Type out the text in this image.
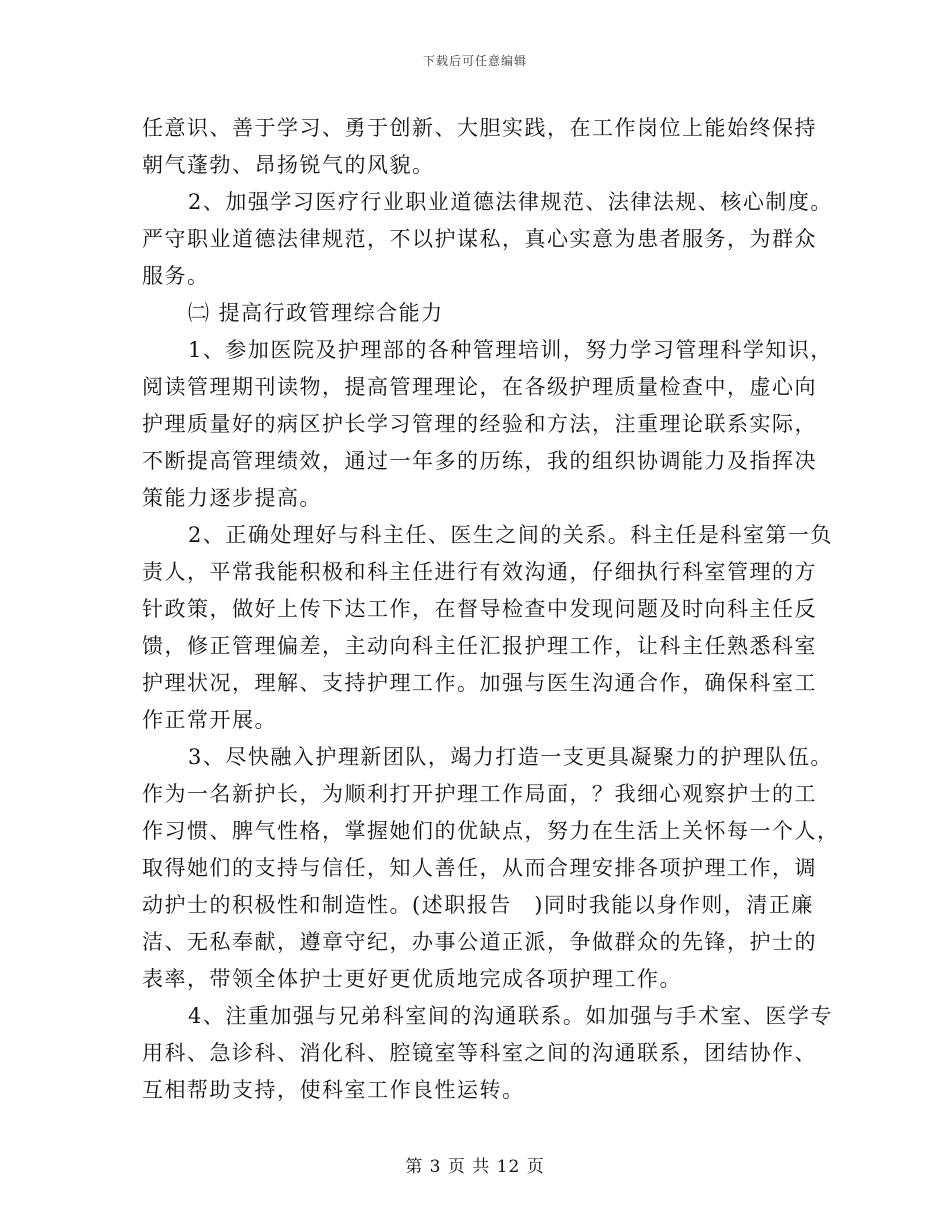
下载后可任意编辑
任意识、善于学习、勇于创新、大胆实践，在工作岗位上能始终保持
朝气蓬勃、昂扬锐气的风貌。
2、加强学习医疗行业职业道德法律规范、法律法规、核心制度。
严守职业道德法律规范，不以护谋私，真心实意为患者服务，为群众
服务。
㈡ 提高行政管理综合能力
1、参加医院及护理部的各种管理培训，努力学习管理科学知识，
阅读管理期刊读物，提高管理理论，在各级护理质量检查中，虚心向
护理质量好的病区护长学习管理的经验和方法，注重理论联系实际，
不断提高管理绩效，通过一年多的历练，我的组织协调能力及指挥决
策能力逐步提高。
2、正确处理好与科主任、医生之间的关系。科主任是科室第一负
责人，平常我能积极和科主任进行有效沟通，仔细执行科室管理的方
针政策，做好上传下达工作，在督导检查中发现问题及时向科主任反
馈，修正管理偏差，主动向科主任汇报护理工作，让科主任熟悉科室
护理状况，理解、支持护理工作。加强与医生沟通合作，确保科室工
作正常开展。
3、尽快融入护理新团队，竭力打造一支更具凝聚力的护理队伍。
作为一名新护长，为顺利打开护理工作局面，？我细心观察护士的工
作习惯、脾气性格，掌握她们的优缺点，努力在生活上关怀每一个人，
取得她们的支持与信任，知人善任，从而合理安排各项护理工作，调
动护士的积极性和制造性。(述职报告　)同时我能以身作则，清正廉
洁、无私奉献，遵章守纪，办事公道正派，争做群众的先锋，护士的
表率，带领全体护士更好更优质地完成各项护理工作。
4、注重加强与兄弟科室间的沟通联系。如加强与手术室、医学专
用科、急诊科、消化科、腔镜室等科室之间的沟通联系，团结协作、
互相帮助支持，使科室工作良性运转。
第 3 页 共 12 页
